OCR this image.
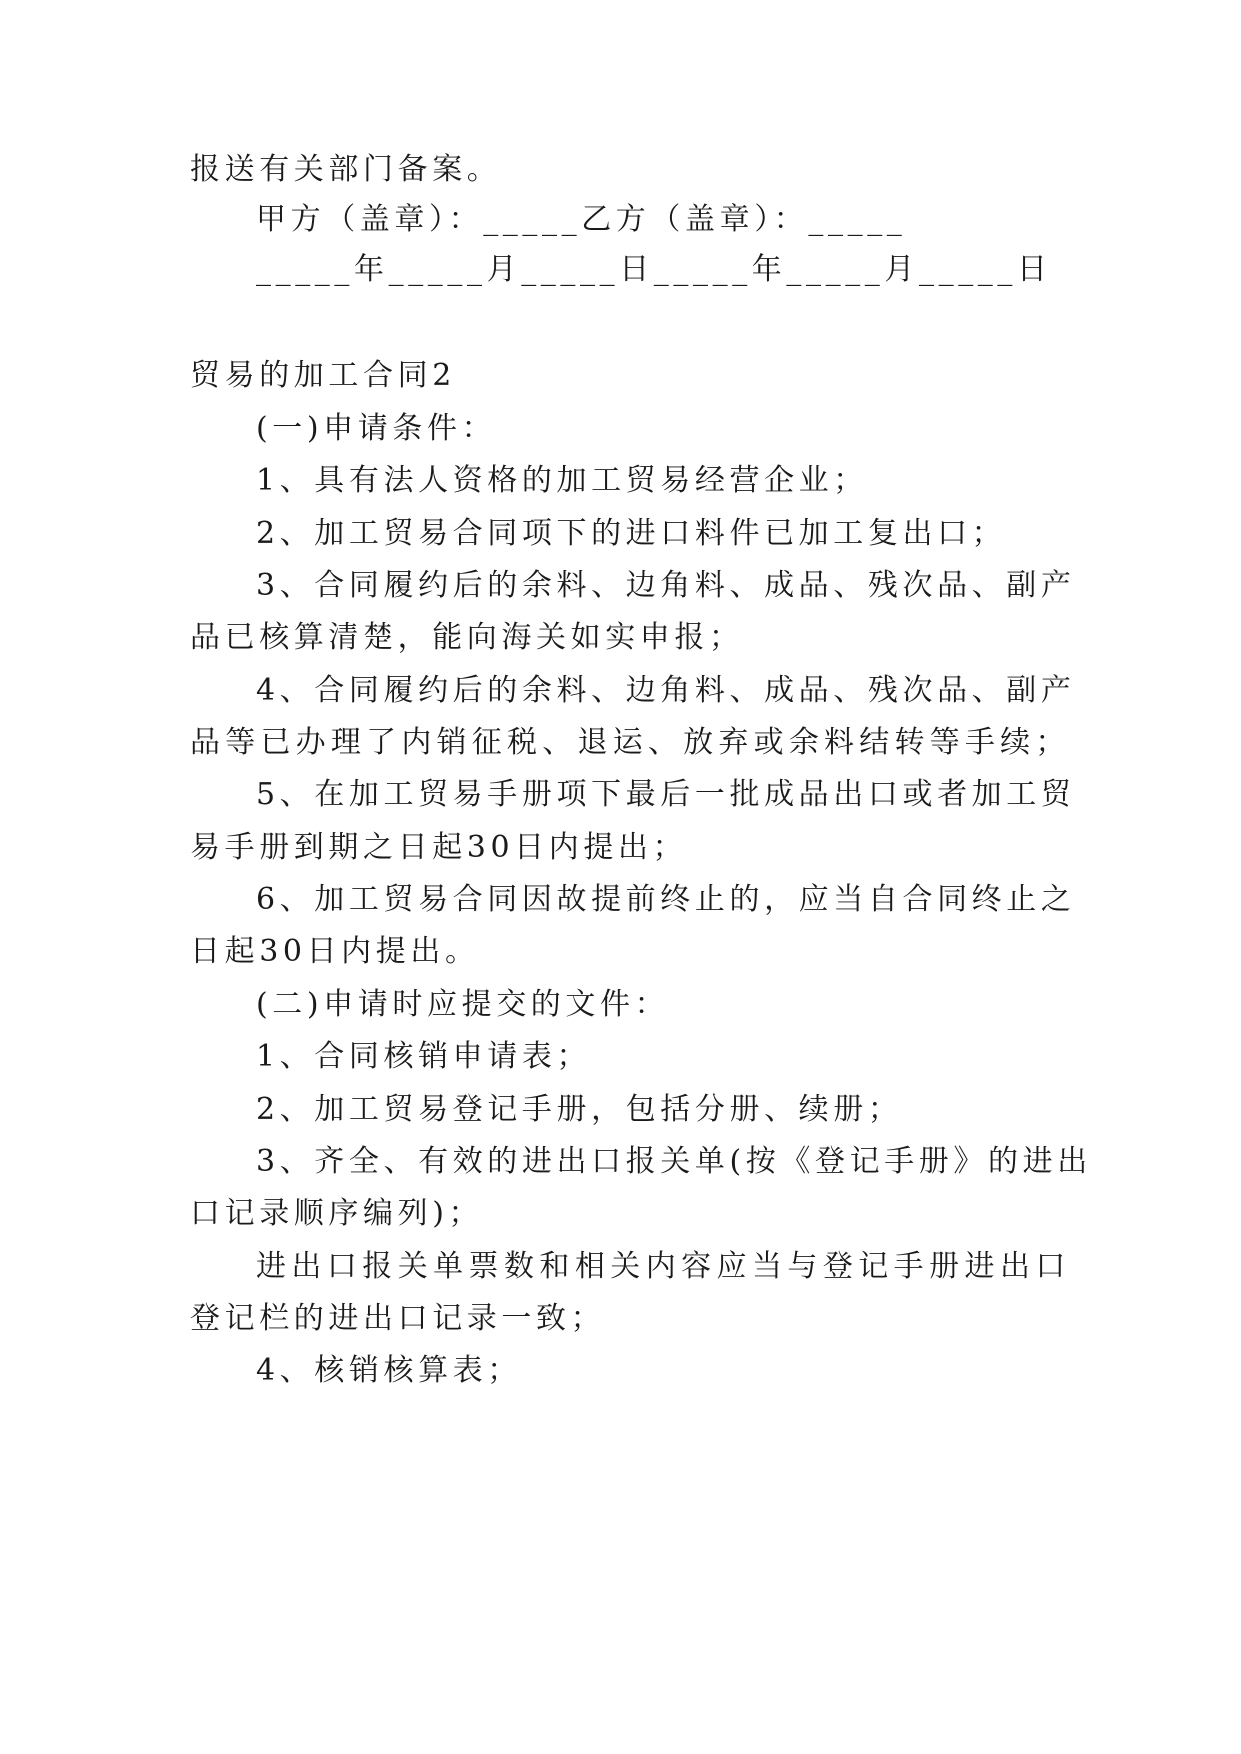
报送有关部门备案。
甲方（盖章）：_____乙方（盖章）：_____
_____年_____月_____日_____年_____月_____日
贸易的加工合同2
(一)申请条件：
1、具有法人资格的加工贸易经营企业；
2、加工贸易合同项下的进口料件已加工复出口；
3、合同履约后的余料、边角料、成品、残次品、副产
品已核算清楚，能向海关如实申报；
4、合同履约后的余料、边角料、成品、残次品、副产
品等已办理了内销征税、退运、放弃或余料结转等手续；
5、在加工贸易手册项下最后一批成品出口或者加工贸
易手册到期之日起30日内提出；
6、加工贸易合同因故提前终止的，应当自合同终止之
日起30日内提出。
(二)申请时应提交的文件：
1、合同核销申请表；
2、加工贸易登记手册，包括分册、续册；
3、齐全、有效的进出口报关单(按《登记手册》的进出
口记录顺序编列)；
进出口报关单票数和相关内容应当与登记手册进出口
登记栏的进出口记录一致；
4、核销核算表；
